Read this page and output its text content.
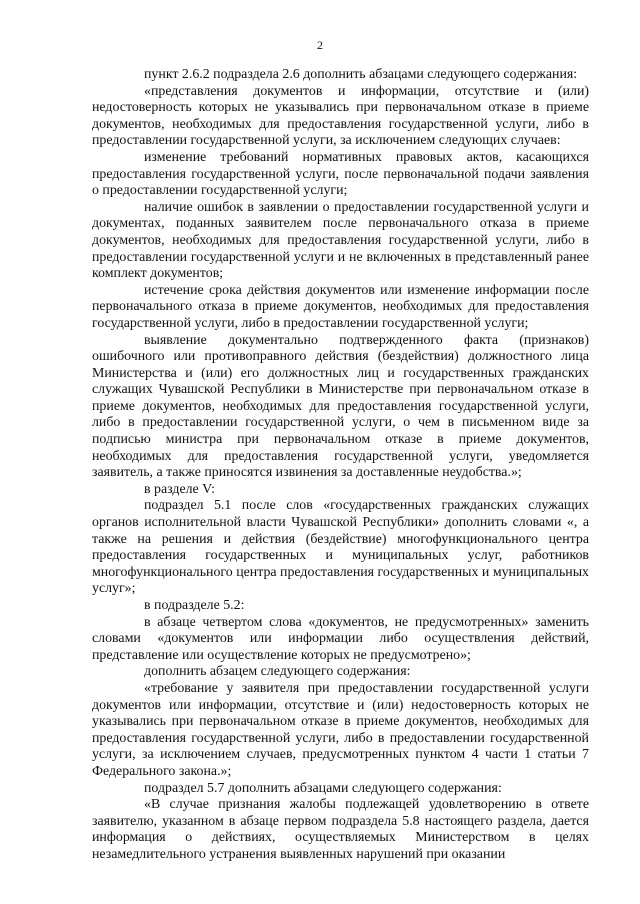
2

пункт 2.6.2 подраздела 2.6 дополнить абзацами следующего содержания:

«представления документов и информации, отсутствие и (или) недостоверность которых не указывались при первоначальном отказе в приеме документов, необходимых для предоставления государственной услуги, либо в предоставлении государственной услуги, за исключением следующих случаев:

изменение требований нормативных правовых актов, касающихся предоставления государственной услуги, после первоначальной подачи заявления о предоставлении государственной услуги;

наличие ошибок в заявлении о предоставлении государственной услуги и документах, поданных заявителем после первоначального отказа в приеме документов, необходимых для предоставления государственной услуги, либо в предоставлении государственной услуги и не включенных в представленный ранее комплект документов;

истечение срока действия документов или изменение информации после первоначального отказа в приеме документов, необходимых для предоставления государственной услуги, либо в предоставлении государственной услуги;

выявление документально подтвержденного факта (признаков) ошибочного или противоправного действия (бездействия) должностного лица Министерства и (или) его должностных лиц и государственных гражданских служащих Чувашской Республики в Министерстве при первоначальном отказе в приеме документов, необходимых для предоставления государственной услуги, либо в предоставлении государственной услуги, о чем в письменном виде за подписью министра при первоначальном отказе в приеме документов, необходимых для предоставления государственной услуги, уведомляется заявитель, а также приносятся извинения за доставленные неудобства.»;

в разделе V:

подраздел 5.1 после слов «государственных гражданских служащих органов исполнительной власти Чувашской Республики» дополнить словами «, а также на решения и действия (бездействие) многофункционального центра предоставления государственных и муниципальных услуг, работников многофункционального центра предоставления государственных и муниципальных услуг»;

в подразделе 5.2:

в абзаце четвертом слова «документов, не предусмотренных» заменить словами «документов или информации либо осуществления действий, представление или осуществление которых не предусмотрено»;

дополнить абзацем следующего содержания:

«требование у заявителя при предоставлении государственной услуги документов или информации, отсутствие и (или) недостоверность которых не указывались при первоначальном отказе в приеме документов, необходимых для предоставления государственной услуги, либо в предоставлении государственной услуги, за исключением случаев, предусмотренных пунктом 4 части 1 статьи 7 Федерального закона.»;

подраздел 5.7 дополнить абзацами следующего содержания:

«В случае признания жалобы подлежащей удовлетворению в ответе заявителю, указанном в абзаце первом подраздела 5.8 настоящего раздела, дается информация о действиях, осуществляемых Министерством в целях незамедлительного устранения выявленных нарушений при оказании
